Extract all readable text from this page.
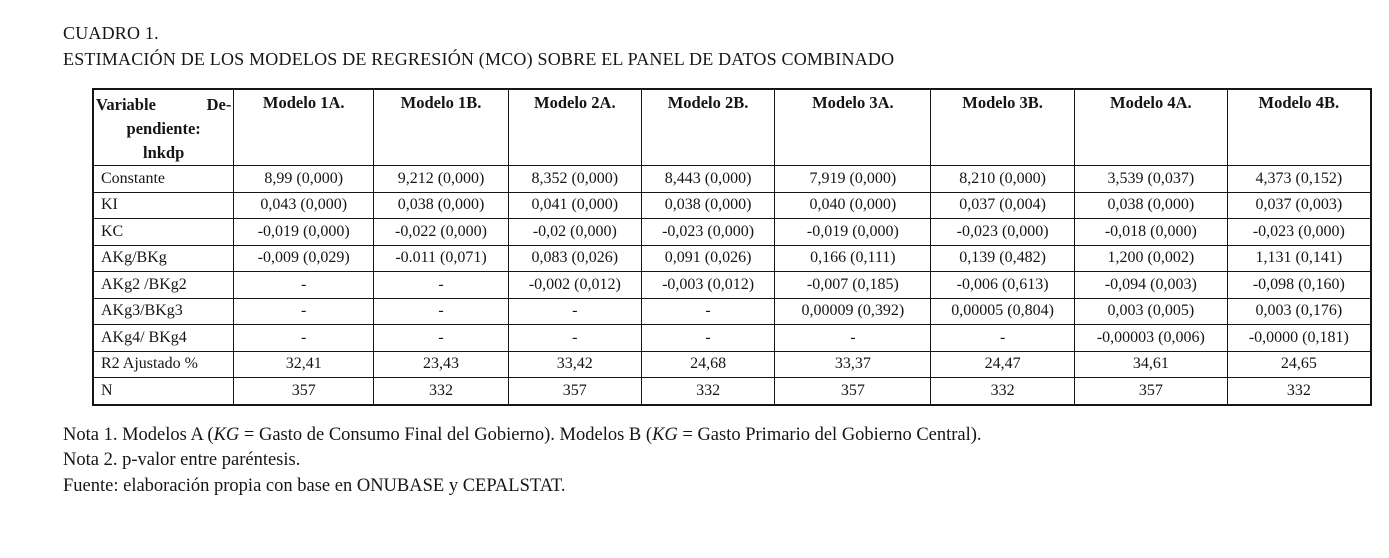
CUADRO 1.
ESTIMACIÓN DE LOS MODELOS DE REGRESIÓN (MCO) SOBRE EL PANEL DE DATOS COMBINADO
Variable De-
pendiente:
lnkdp	Modelo 1A.	Modelo 1B.	Modelo 2A.	Modelo 2B.	Modelo 3A.	Modelo 3B.	Modelo 4A.	Modelo 4B.
Constante	8,99 (0,000)	9,212 (0,000)	8,352 (0,000)	8,443 (0,000)	7,919 (0,000)	8,210 (0,000)	3,539 (0,037)	4,373 (0,152)
KI	0,043 (0,000)	0,038 (0,000)	0,041 (0,000)	0,038 (0,000)	0,040 (0,000)	0,037 (0,004)	0,038 (0,000)	0,037 (0,003)
KC	-0,019 (0,000)	-0,022 (0,000)	-0,02 (0,000)	-0,023 (0,000)	-0,019 (0,000)	-0,023 (0,000)	-0,018 (0,000)	-0,023 (0,000)
AKg/BKg	-0,009 (0,029)	-0.011 (0,071)	0,083 (0,026)	0,091 (0,026)	0,166 (0,111)	0,139 (0,482)	1,200 (0,002)	1,131 (0,141)
AKg2 /BKg2	-	-	-0,002 (0,012)	-0,003 (0,012)	-0,007 (0,185)	-0,006 (0,613)	-0,094 (0,003)	-0,098 (0,160)
AKg3/BKg3	-	-	-	-	0,00009 (0,392)	0,00005 (0,804)	0,003 (0,005)	0,003 (0,176)
AKg4/ BKg4	-	-	-	-	-	-	-0,00003 (0,006)	-0,0000 (0,181)
R2 Ajustado %	32,41	23,43	33,42	24,68	33,37	24,47	34,61	24,65
N	357	332	357	332	357	332	357	332

Nota 1. Modelos A (KG = Gasto de Consumo Final del Gobierno). Modelos B (KG = Gasto Primario del Gobierno Central).

Nota 2. p-valor entre paréntesis.

Fuente: elaboración propia con base en ONUBASE y CEPALSTAT.
